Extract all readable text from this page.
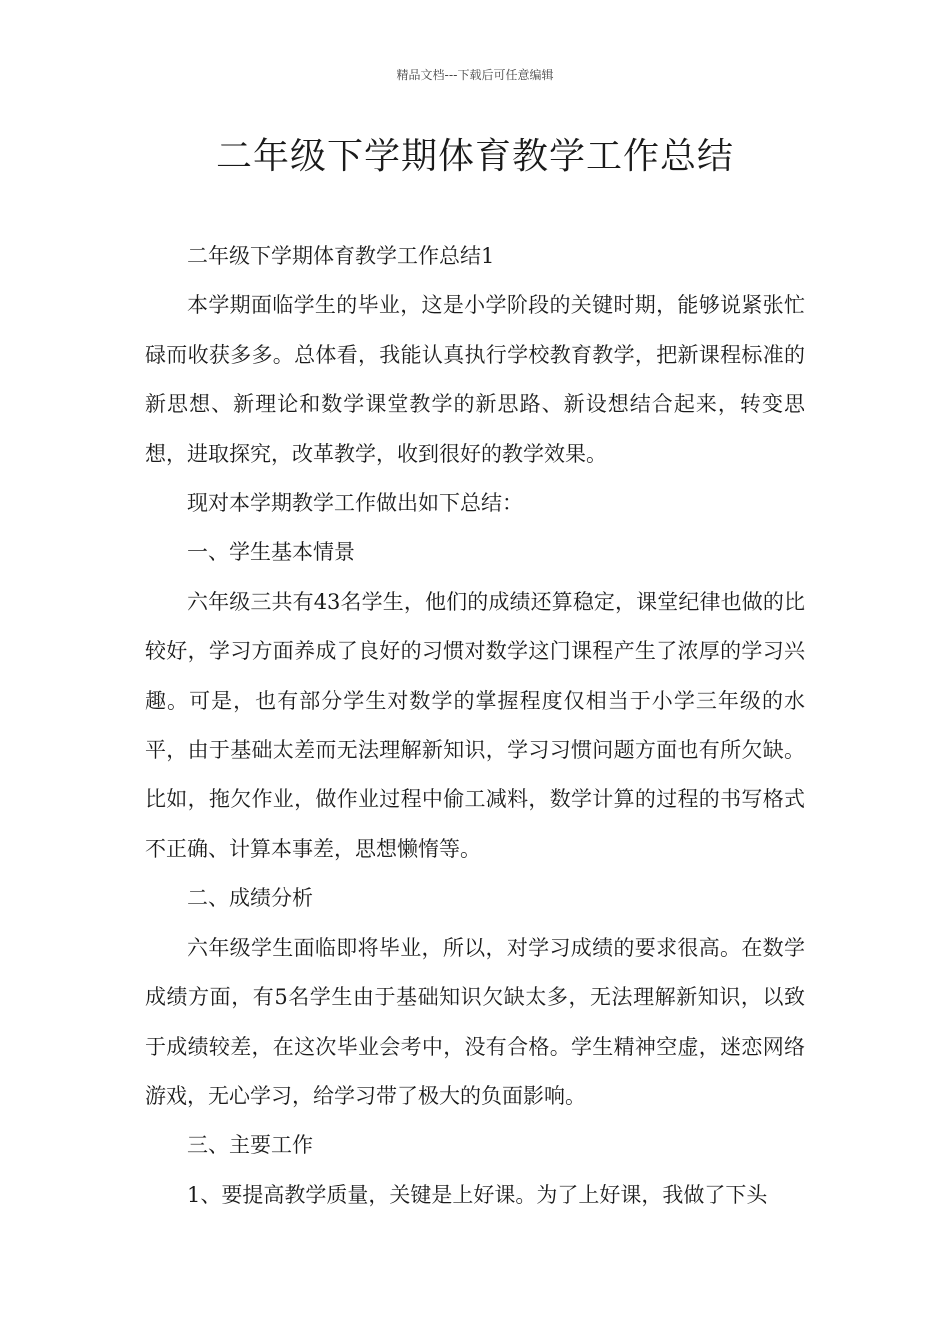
精品文档---下载后可任意编辑
二年级下学期体育教学工作总结

二年级下学期体育教学工作总结1

本学期面临学生的毕业，这是小学阶段的关键时期，能够说紧张忙碌而收获多多。总体看，我能认真执行学校教育教学，把新课程标准的新思想、新理论和数学课堂教学的新思路、新设想结合起来，转变思想，进取探究，改革教学，收到很好的教学效果。

现对本学期教学工作做出如下总结：

一、学生基本情景

六年级三共有43名学生，他们的成绩还算稳定，课堂纪律也做的比较好，学习方面养成了良好的习惯对数学这门课程产生了浓厚的学习兴趣。可是，也有部分学生对数学的掌握程度仅相当于小学三年级的水平，由于基础太差而无法理解新知识，学习习惯问题方面也有所欠缺。比如，拖欠作业，做作业过程中偷工减料，数学计算的过程的书写格式不正确、计算本事差，思想懒惰等。

二、成绩分析

六年级学生面临即将毕业，所以，对学习成绩的要求很高。在数学成绩方面，有5名学生由于基础知识欠缺太多，无法理解新知识，以致于成绩较差，在这次毕业会考中，没有合格。学生精神空虚，迷恋网络游戏，无心学习，给学习带了极大的负面影响。

三、主要工作

1、要提高教学质量，关键是上好课。为了上好课，我做了下头
